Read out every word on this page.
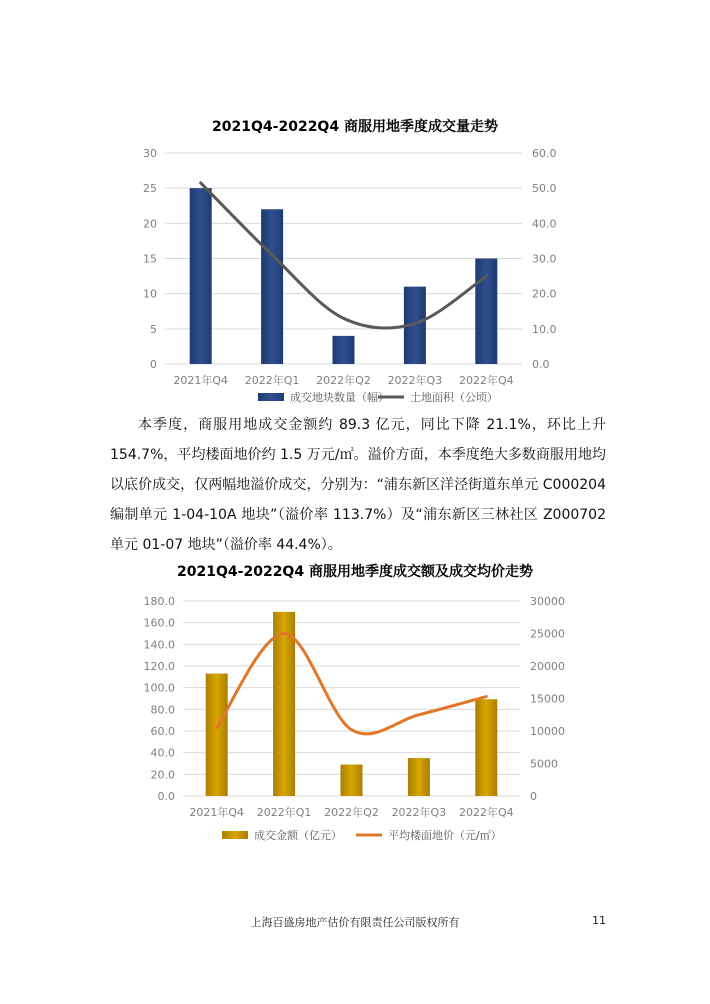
2021Q4-2022Q4 商服用地季度成交量走势
0
5
10
15
20
25
30
0.0
10.0
20.0
30.0
40.0
50.0
60.0
2021年Q4 2022年Q1 2022年Q2 2022年Q3 2022年Q4
成交地块数量（幅） 土地面积（公顷）

本季度，商服用地成交金额约 89.3 亿元，同比下降 21.1%，环比上升 154.7%，平均楼面地价约 1.5 万元/㎡。溢价方面，本季度绝大多数商服用地均以底价成交，仅两幅地溢价成交，分别为：“浦东新区洋泾街道东单元 C000204 编制单元 1-04-10A 地块”（溢价率 113.7%）及“浦东新区三林社区 Z000702 单元 01-07 地块”（溢价率 44.4%）。

2021Q4-2022Q4 商服用地季度成交额及成交均价走势
0.0
20.0
40.0
60.0
80.0
100.0
120.0
140.0
160.0
180.0
0
5000
10000
15000
20000
25000
30000
2021年Q4 2022年Q1 2022年Q2 2022年Q3 2022年Q4
成交金额（亿元）	平均楼面地价（元/㎡）
上海百盛房地产估价有限责任公司版权所有	11
